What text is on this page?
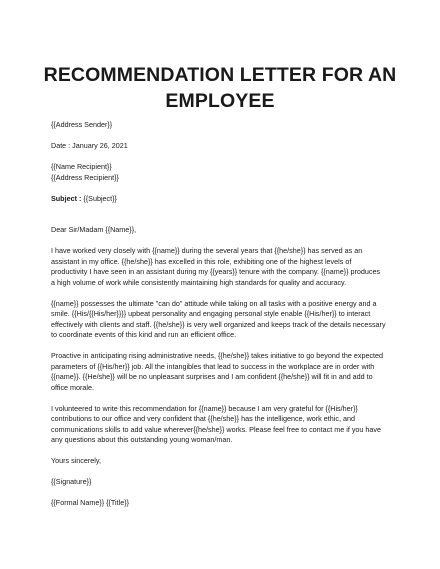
RECOMMENDATION LETTER FOR AN
EMPLOYEE
{{Address Sender}}
Date : January 26, 2021
{{Name Recipient}}
{{Address Recipient}}
Subject : {{Subject}}
Dear Sir/Madam {{Name}},
I have worked very closely with {{name}} during the several years that {{he/she}} has served as an
assistant in my office. {{he/she}} has excelled in this role, exhibiting one of the highest levels of
productivity I have seen in an assistant during my {{years}} tenure with the company. {{name}} produces
a high volume of work while consistently maintaining high standards for quality and accuracy.
{{name}} possesses the ultimate "can do" attitude while taking on all tasks with a positive energy and a
smile. {{His/{{His/her}}}} upbeat personality and engaging personal style enable {{His/her}} to interact
effectively with clients and staff. {{he/she}} is very well organized and keeps track of the details necessary
to coordinate events of this kind and run an efficient office.
Proactive in anticipating rising administrative needs, {{he/she}} takes initiative to go beyond the expected
parameters of {{His/her}} job. All the intangibles that lead to success in the workplace are in order with
{{name}}. {{He/she}} will be no unpleasant surprises and I am confident {{he/she}} will fit in and add to
office morale.
I volunteered to write this recommendation for {{name}} because I am very grateful for {{His/her}}
contributions to our office and very confident that {{he/she}} has the intelligence, work ethic, and
communications skills to add value wherever{{he/she}} works. Please feel free to contact me if you have
any questions about this outstanding young woman/man.
Yours sincerely,
{{Signature}}
{{Formal Name}} {{Title}}
